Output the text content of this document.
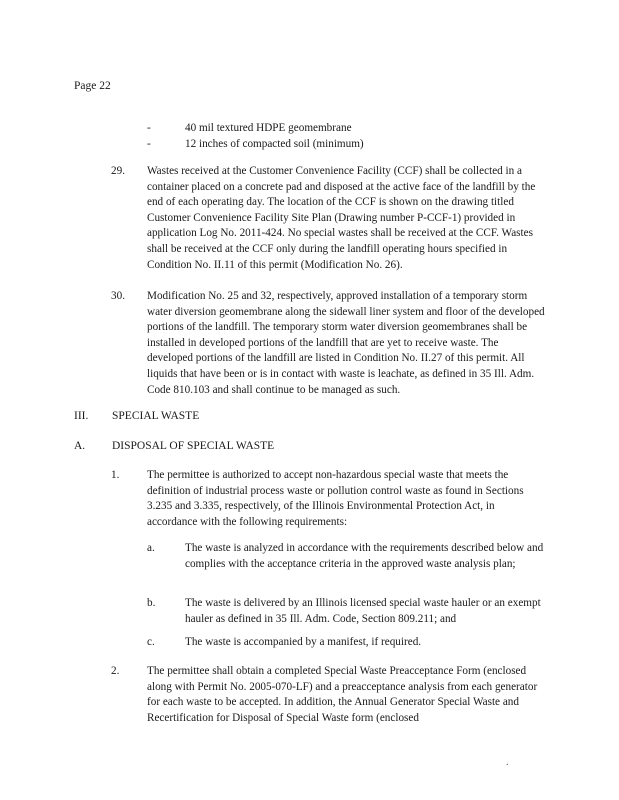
Page 22
-	40 mil textured HDPE geomembrane
-	12 inches of compacted soil (minimum)
29. Wastes received at the Customer Convenience Facility (CCF) shall be collected in a container placed on a concrete pad and disposed at the active face of the landfill by the end of each operating day. The location of the CCF is shown on the drawing titled Customer Convenience Facility Site Plan (Drawing number P-CCF-1) provided in application Log No. 2011-424. No special wastes shall be received at the CCF. Wastes shall be received at the CCF only during the landfill operating hours specified in Condition No. II.11 of this permit (Modification No. 26).
30. Modification No. 25 and 32, respectively, approved installation of a temporary storm water diversion geomembrane along the sidewall liner system and floor of the developed portions of the landfill. The temporary storm water diversion geomembranes shall be installed in developed portions of the landfill that are yet to receive waste. The developed portions of the landfill are listed in Condition No. II.27 of this permit. All liquids that have been or is in contact with waste is leachate, as defined in 35 Ill. Adm. Code 810.103 and shall continue to be managed as such.
III. SPECIAL WASTE
A. DISPOSAL OF SPECIAL WASTE
1. The permittee is authorized to accept non-hazardous special waste that meets the definition of industrial process waste or pollution control waste as found in Sections 3.235 and 3.335, respectively, of the Illinois Environmental Protection Act, in accordance with the following requirements:
a.	The waste is analyzed in accordance with the requirements described below and complies with the acceptance criteria in the approved waste analysis plan;
b.	The waste is delivered by an Illinois licensed special waste hauler or an exempt hauler as defined in 35 Ill. Adm. Code, Section 809.211; and
c.	The waste is accompanied by a manifest, if required.
2. The permittee shall obtain a completed Special Waste Preacceptance Form (enclosed along with Permit No. 2005-070-LF) and a preacceptance analysis from each generator for each waste to be accepted. In addition, the Annual Generator Special Waste and Recertification for Disposal of Special Waste form (enclosed
.
